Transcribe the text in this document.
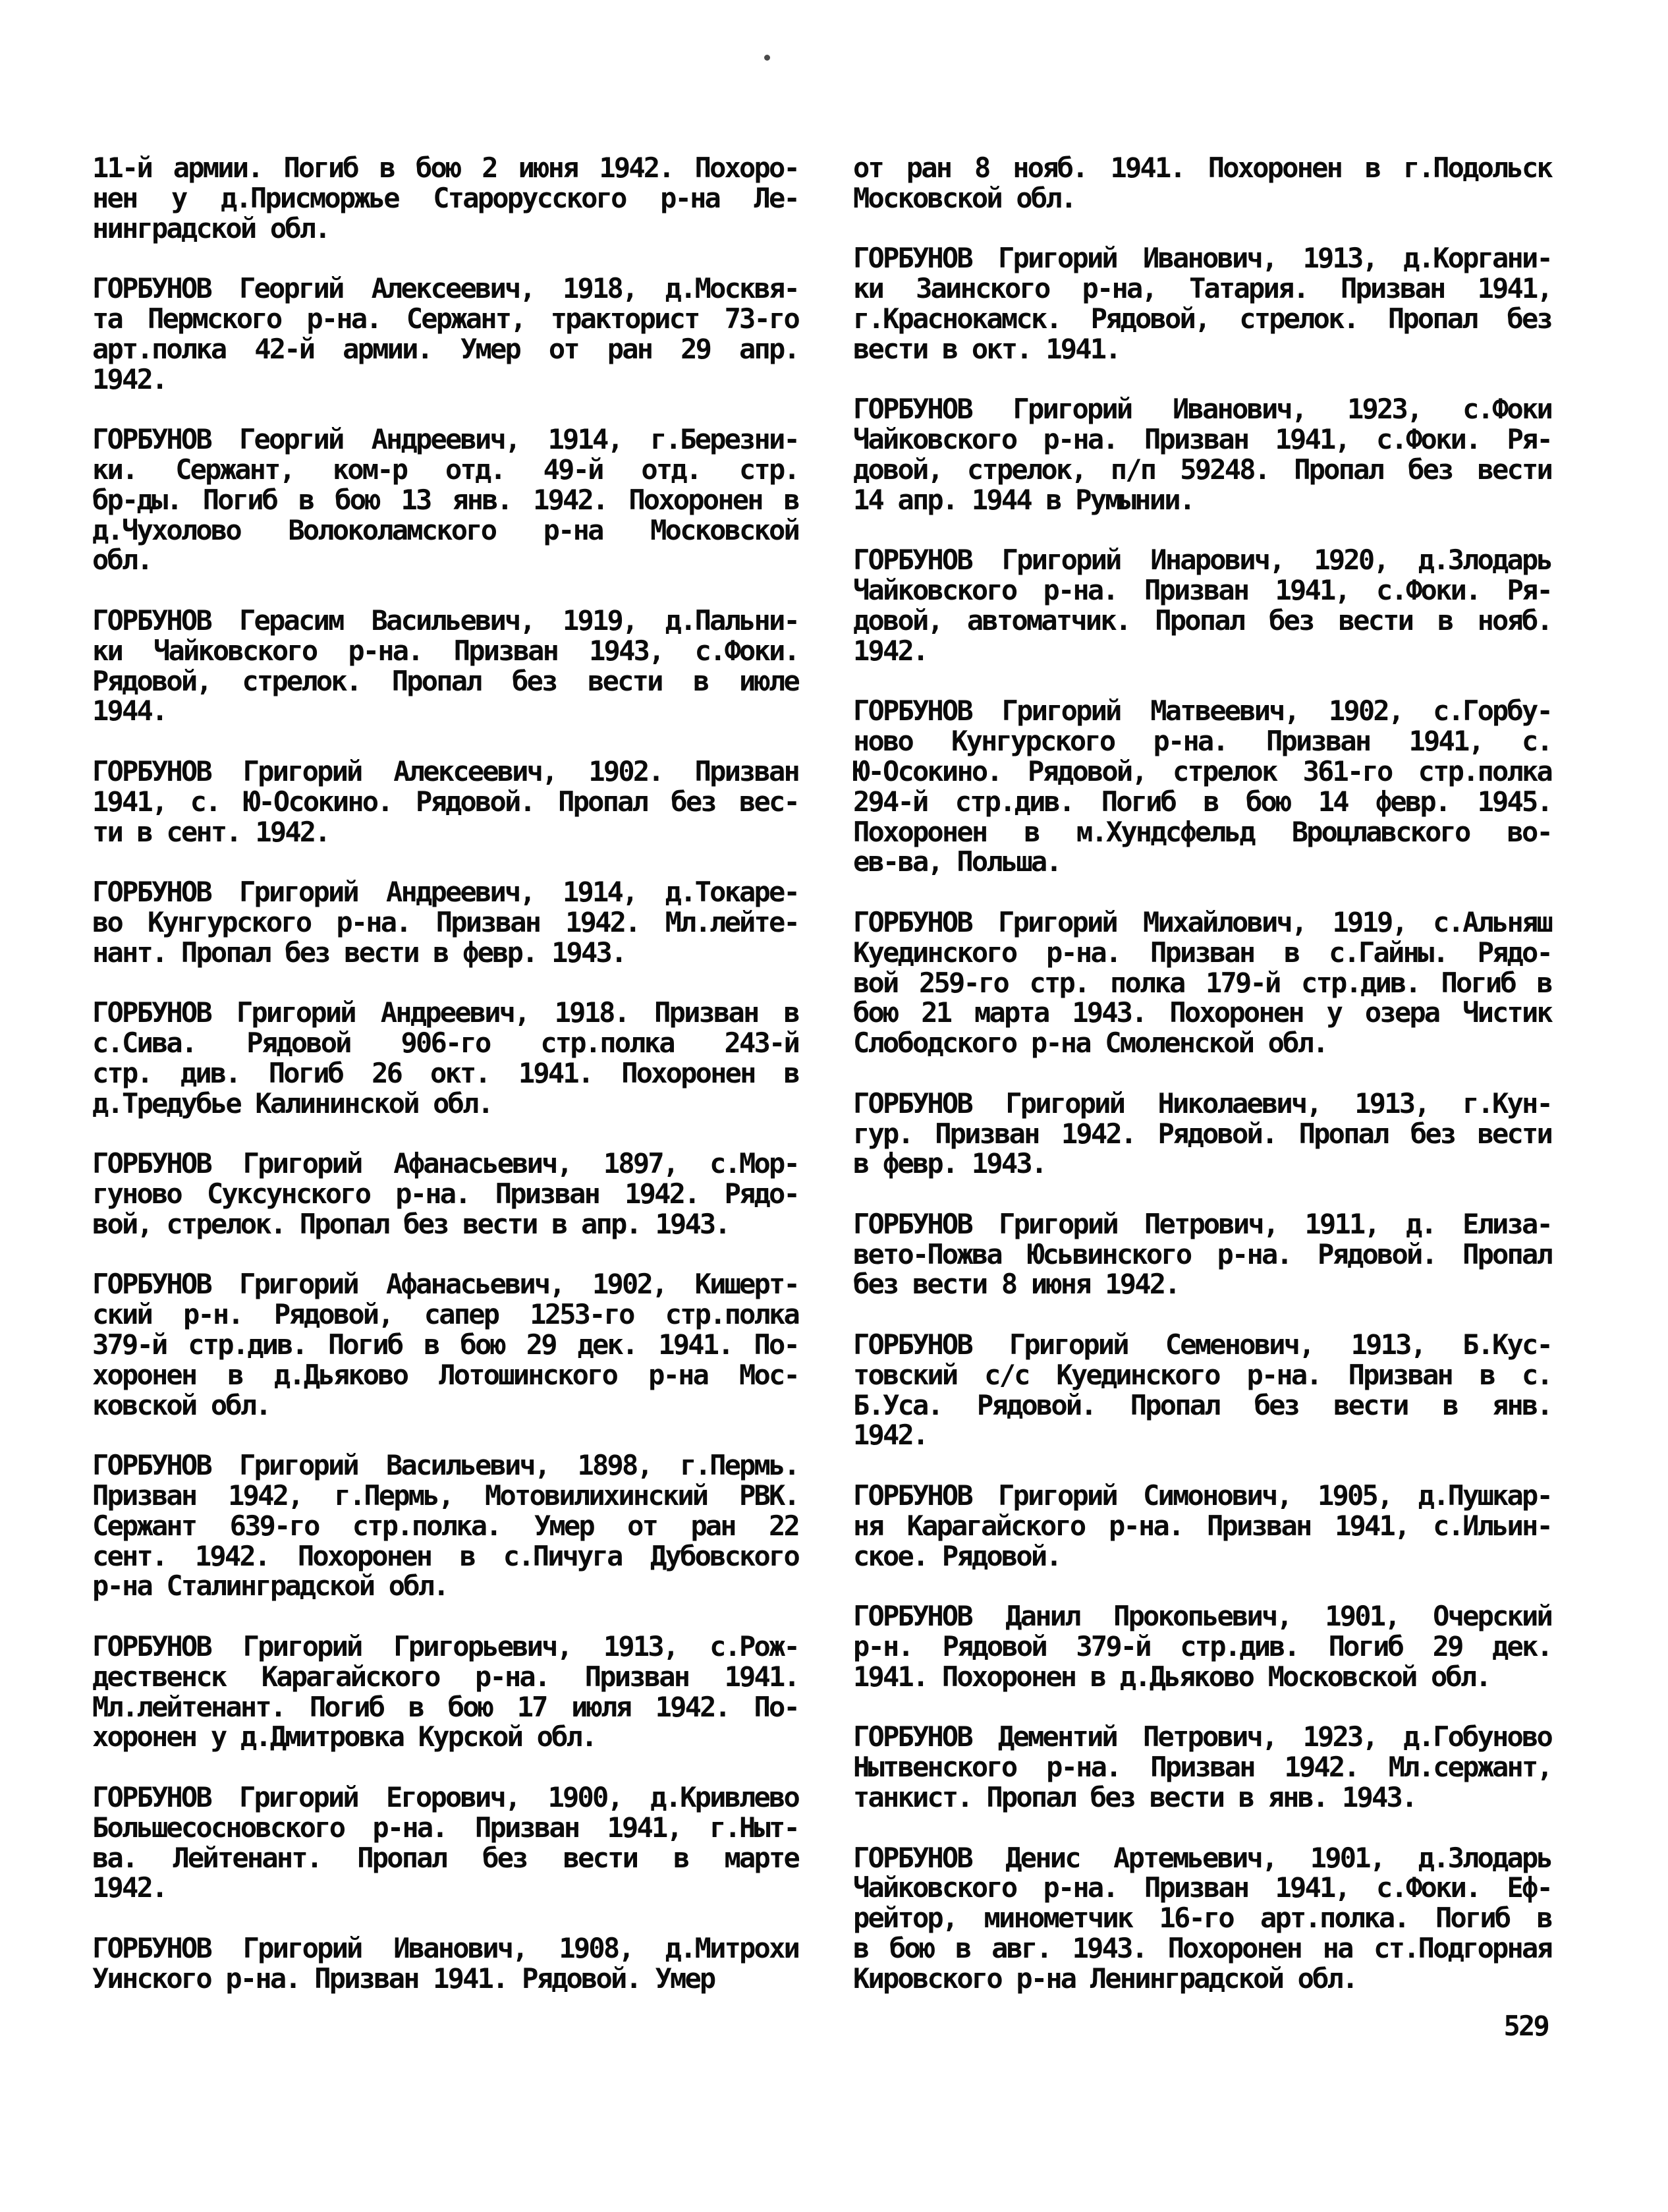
11-й армии. Погиб в бою 2 июня 1942. Похоро-
нен у д.Присморжье Старорусского р-на Ле-
нинградской обл.

ГОРБУНОВ Георгий Алексеевич, 1918, д.Москвя-
та Пермского р-на. Сержант, тракторист 73-го
арт.полка 42-й армии. Умер от ран 29 апр.
1942.

ГОРБУНОВ Георгий Андреевич, 1914, г.Березни-
ки. Сержант, ком-р отд. 49-й отд. стр.
бр-ды. Погиб в бою 13 янв. 1942. Похоронен в
д.Чухолово Волоколамского р-на Московской
обл.

ГОРБУНОВ Герасим Васильевич, 1919, д.Пальни-
ки Чайковского р-на. Призван 1943, с.Фоки.
Рядовой, стрелок. Пропал без вести в июле
1944.

ГОРБУНОВ Григорий Алексеевич, 1902. Призван
1941, с. Ю-Осокино. Рядовой. Пропал без вес-
ти в сент. 1942.

ГОРБУНОВ Григорий Андреевич, 1914, д.Токаре-
во Кунгурского р-на. Призван 1942. Мл.лейте-
нант. Пропал без вести в февр. 1943.

ГОРБУНОВ Григорий Андреевич, 1918. Призван в
с.Сива. Рядовой 906-го стр.полка 243-й
стр. див. Погиб 26 окт. 1941. Похоронен в
д.Тредубье Калининской обл.

ГОРБУНОВ Григорий Афанасьевич, 1897, с.Мор-
гуново Суксунского р-на. Призван 1942. Рядо-
вой, стрелок. Пропал без вести в апр. 1943.

ГОРБУНОВ Григорий Афанасьевич, 1902, Кишерт-
ский р-н. Рядовой, сапер 1253-го стр.полка
379-й стр.див. Погиб в бою 29 дек. 1941. По-
хоронен в д.Дьяково Лотошинского р-на Мос-
ковской обл.

ГОРБУНОВ Григорий Васильевич, 1898, г.Пермь.
Призван 1942, г.Пермь, Мотовилихинский РВК.
Сержант 639-го стр.полка. Умер от ран 22
сент. 1942. Похоронен в с.Пичуга Дубовского
р-на Сталинградской обл.

ГОРБУНОВ Григорий Григорьевич, 1913, с.Рож-
дественск Карагайского р-на. Призван 1941.
Мл.лейтенант. Погиб в бою 17 июля 1942. По-
хоронен у д.Дмитровка Курской обл.

ГОРБУНОВ Григорий Егорович, 1900, д.Кривлево
Большесосновского р-на. Призван 1941, г.Ныт-
ва. Лейтенант. Пропал без вести в марте
1942.

ГОРБУНОВ Григорий Иванович, 1908, д.Митрохи
Уинского р-на. Призван 1941. Рядовой. Умер

от ран 8 нояб. 1941. Похоронен в г.Подольск
Московской обл.

ГОРБУНОВ Григорий Иванович, 1913, д.Коргани-
ки Заинского р-на, Татария. Призван 1941,
г.Краснокамск. Рядовой, стрелок. Пропал без
вести в окт. 1941.

ГОРБУНОВ Григорий Иванович, 1923, с.Фоки
Чайковского р-на. Призван 1941, с.Фоки. Ря-
довой, стрелок, п/п 59248. Пропал без вести
14 апр. 1944 в Румынии.

ГОРБУНОВ Григорий Инарович, 1920, д.Злодарь
Чайковского р-на. Призван 1941, с.Фоки. Ря-
довой, автоматчик. Пропал без вести в нояб.
1942.

ГОРБУНОВ Григорий Матвеевич, 1902, с.Горбу-
ново Кунгурского р-на. Призван 1941, с.
Ю-Осокино. Рядовой, стрелок 361-го стр.полка
294-й стр.див. Погиб в бою 14 февр. 1945.
Похоронен в м.Хундсфельд Вроцлавского во-
ев-ва, Польша.

ГОРБУНОВ Григорий Михайлович, 1919, с.Альняш
Куединского р-на. Призван в с.Гайны. Рядо-
вой 259-го стр. полка 179-й стр.див. Погиб в
бою 21 марта 1943. Похоронен у озера Чистик
Слободского р-на Смоленской обл.

ГОРБУНОВ Григорий Николаевич, 1913, г.Кун-
гур. Призван 1942. Рядовой. Пропал без вести
в февр. 1943.

ГОРБУНОВ Григорий Петрович, 1911, д. Елиза-
вето-Пожва Юсьвинского р-на. Рядовой. Пропал
без вести 8 июня 1942.

ГОРБУНОВ Григорий Семенович, 1913, Б.Кус-
товский с/с Куединского р-на. Призван в с.
Б.Уса. Рядовой. Пропал без вести в янв.
1942.

ГОРБУНОВ Григорий Симонович, 1905, д.Пушкар-
ня Карагайского р-на. Призван 1941, с.Ильин-
ское. Рядовой.

ГОРБУНОВ Данил Прокопьевич, 1901, Очерский
р-н. Рядовой 379-й стр.див. Погиб 29 дек.
1941. Похоронен в д.Дьяково Московской обл.

ГОРБУНОВ Дементий Петрович, 1923, д.Гобуново
Нытвенского р-на. Призван 1942. Мл.сержант,
танкист. Пропал без вести в янв. 1943.

ГОРБУНОВ Денис Артемьевич, 1901, д.Злодарь
Чайковского р-на. Призван 1941, с.Фоки. Еф-
рейтор, минометчик 16-го арт.полка. Погиб в
в бою в авг. 1943. Похоронен на ст.Подгорная
Кировского р-на Ленинградской обл.

529
